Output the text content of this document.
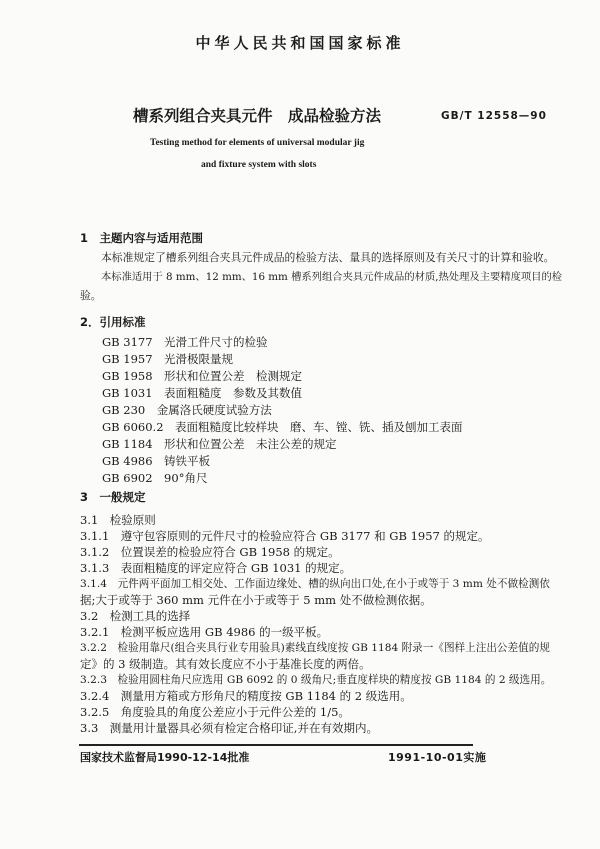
中华人民共和国国家标准
槽系列组合夹具元件　成品检验方法	GB/T 12558—90
Testing method for elements of universal modular jig
and fixture system with slots
1　主题内容与适用范围
本标准规定了槽系列组合夹具元件成品的检验方法、量具的选择原则及有关尺寸的计算和验收。
本标准适用于 8 mm、12 mm、16 mm 槽系列组合夹具元件成品的材质,热处理及主要精度项目的检
验。
2．引用标准
GB 3177　光滑工件尺寸的检验
GB 1957　光滑极限量规
GB 1958　形状和位置公差　检测规定
GB 1031　表面粗糙度　参数及其数值
GB 230　金属洛氏硬度试验方法
GB 6060.2　表面粗糙度比较样块　磨、车、镗、铣、插及刨加工表面
GB 1184　形状和位置公差　未注公差的规定
GB 4986　铸铁平板
GB 6902　90°角尺
3　一般规定
3.1　检验原则
3.1.1　遵守包容原则的元件尺寸的检验应符合 GB 3177 和 GB 1957 的规定。
3.1.2　位置误差的检验应符合 GB 1958 的规定。
3.1.3　表面粗糙度的评定应符合 GB 1031 的规定。
3.1.4　元件两平面加工相交处、工作面边缘处、槽的纵向出口处,在小于或等于 3 mm 处不做检测依
据;大于或等于 360 mm 元件在小于或等于 5 mm 处不做检测依据。
3.2　检测工具的选择
3.2.1　检测平板应选用 GB 4986 的一级平板。
3.2.2　检验用靠尺(组合夹具行业专用验具)素线直线度按 GB 1184 附录一《图样上注出公差值的规
定》的 3 级制造。其有效长度应不小于基准长度的两倍。
3.2.3　检验用圆柱角尺应选用 GB 6092 的 0 级角尺;垂直度样块的精度按 GB 1184 的 2 级选用。
3.2.4　测量用方箱或方形角尺的精度按 GB 1184 的 2 级选用。
3.2.5　角度验具的角度公差应小于元件公差的 1/5。
3.3　测量用计量器具必须有检定合格印证,并在有效期内。
国家技术监督局1990-12-14批准	1991-10-01实施
